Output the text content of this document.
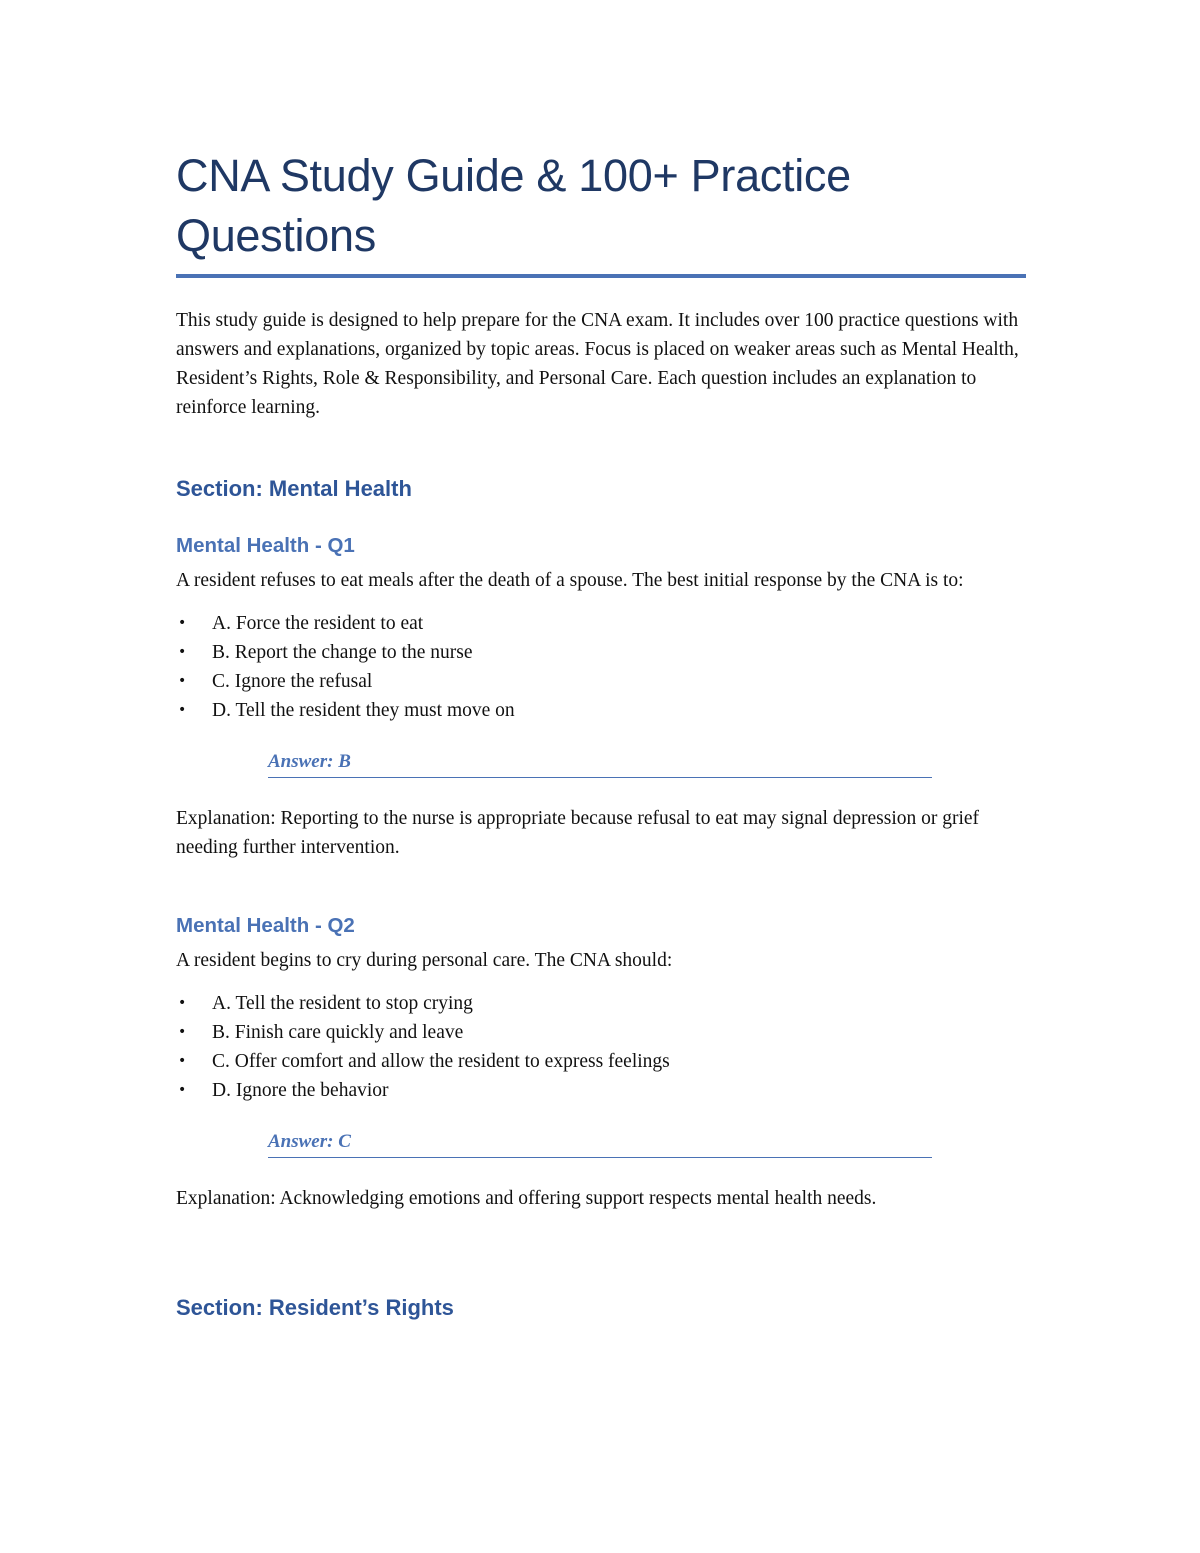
CNA Study Guide & 100+ Practice Questions

This study guide is designed to help prepare for the CNA exam. It includes over 100 practice questions with answers and explanations, organized by topic areas. Focus is placed on weaker areas such as Mental Health, Resident’s Rights, Role & Responsibility, and Personal Care. Each question includes an explanation to reinforce learning.

Section: Mental Health
Mental Health - Q1

A resident refuses to eat meals after the death of a spouse. The best initial response by the CNA is to:

• A. Force the resident to eat
• B. Report the change to the nurse
• C. Ignore the refusal
• D. Tell the resident they must move on
Answer: B

Explanation: Reporting to the nurse is appropriate because refusal to eat may signal depression or grief needing further intervention.

Mental Health - Q2

A resident begins to cry during personal care. The CNA should:

• A. Tell the resident to stop crying
• B. Finish care quickly and leave
• C. Offer comfort and allow the resident to express feelings
• D. Ignore the behavior
Answer: C

Explanation: Acknowledging emotions and offering support respects mental health needs.

Section: Resident’s Rights
